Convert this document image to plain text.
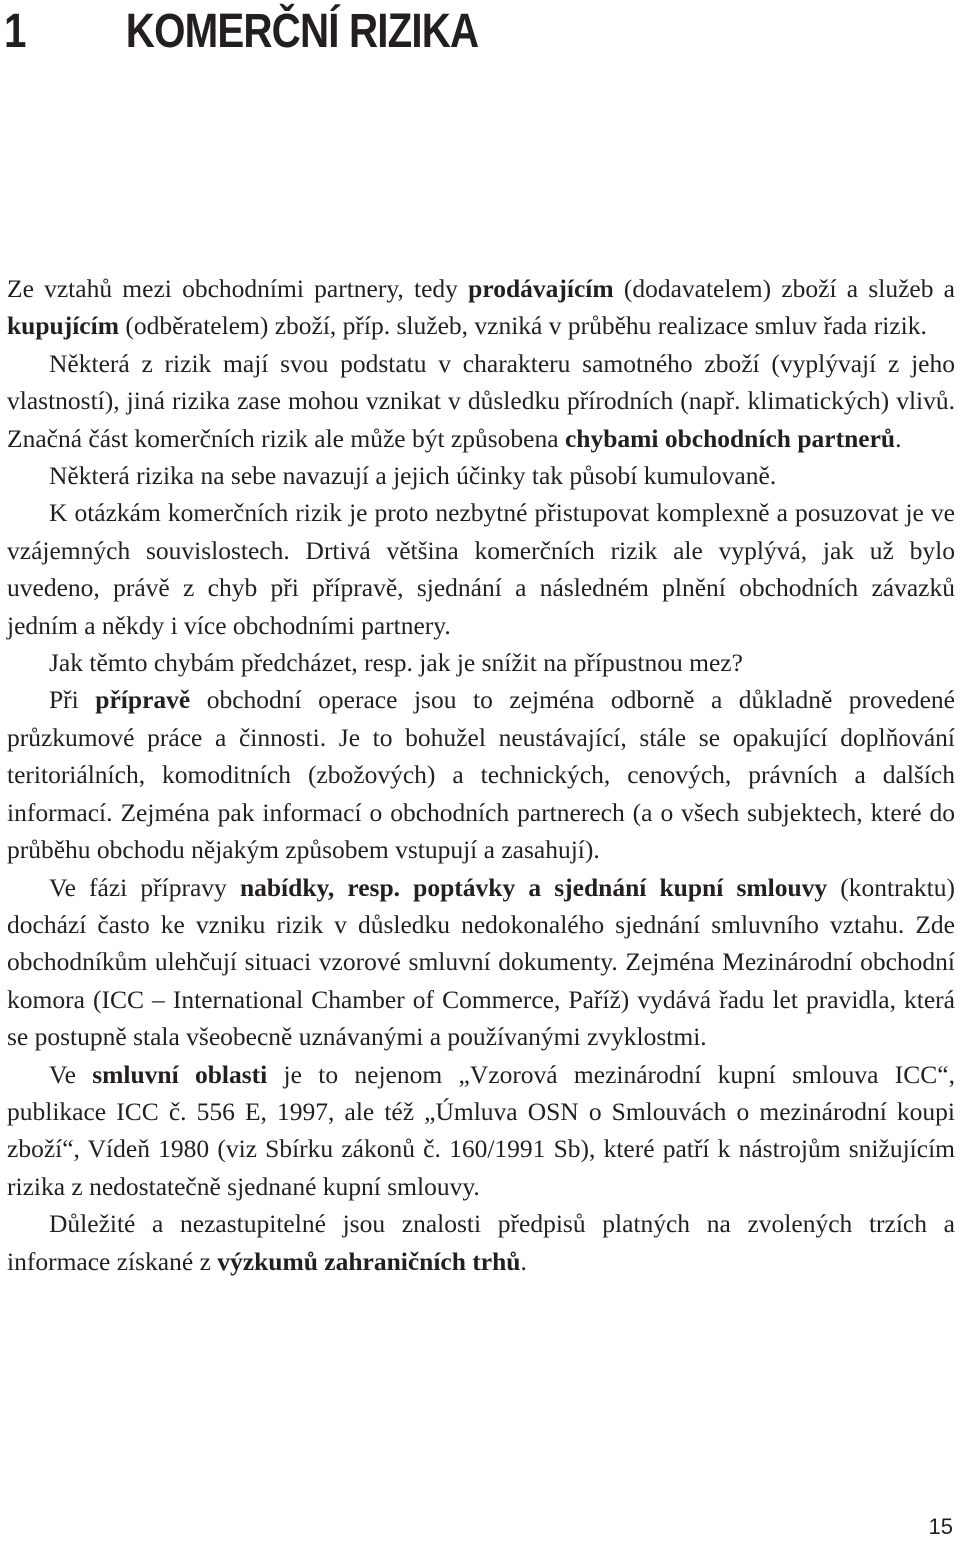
1 KOMERČNÍ RIZIKA

Ze vztahů mezi obchodními partnery, tedy prodávajícím (dodavatelem) zboží a služeb a kupujícím (odběratelem) zboží, příp. služeb, vzniká v průběhu realizace smluv řada rizik.

Některá z rizik mají svou podstatu v charakteru samotného zboží (vyplývají z jeho vlastností), jiná rizika zase mohou vznikat v důsledku přírodních (např. klimatických) vlivů. Značná část komerčních rizik ale může být způsobena chybami obchodních partnerů.

Některá rizika na sebe navazují a jejich účinky tak působí kumulovaně.

K otázkám komerčních rizik je proto nezbytné přistupovat komplexně a posuzovat je ve vzájemných souvislostech. Drtivá většina komerčních rizik ale vyplývá, jak už bylo uvedeno, právě z chyb při přípravě, sjednání a následném plnění obchodních závazků jedním a někdy i více obchodními partnery.

Jak těmto chybám předcházet, resp. jak je snížit na přípustnou mez?

Při přípravě obchodní operace jsou to zejména odborně a důkladně provedené průzkumové práce a činnosti. Je to bohužel neustávající, stále se opakující doplňování teritoriálních, komoditních (zbožových) a technických, cenových, právních a dalších informací. Zejména pak informací o obchodních partnerech (a o všech subjektech, které do průběhu obchodu nějakým způsobem vstupují a zasahují).

Ve fázi přípravy nabídky, resp. poptávky a sjednání kupní smlouvy (kontraktu) dochází často ke vzniku rizik v důsledku nedokonalého sjednání smluvního vztahu. Zde obchodníkům ulehčují situaci vzorové smluvní dokumenty. Zejména Mezinárodní obchodní komora (ICC – International Chamber of Commerce, Paříž) vydává řadu let pravidla, která se postupně stala všeobecně uznávanými a používanými zvyklostmi.

Ve smluvní oblasti je to nejenom „Vzorová mezinárodní kupní smlouva ICC“, publikace ICC č. 556 E, 1997, ale též „Úmluva OSN o Smlouvách o mezinárodní koupi zboží“, Vídeň 1980 (viz Sbírku zákonů č. 160/1991 Sb), které patří k nástrojům snižujícím rizika z nedostatečně sjednané kupní smlouvy.

Důležité a nezastupitelné jsou znalosti předpisů platných na zvolených trzích a informace získané z výzkumů zahraničních trhů.

15
